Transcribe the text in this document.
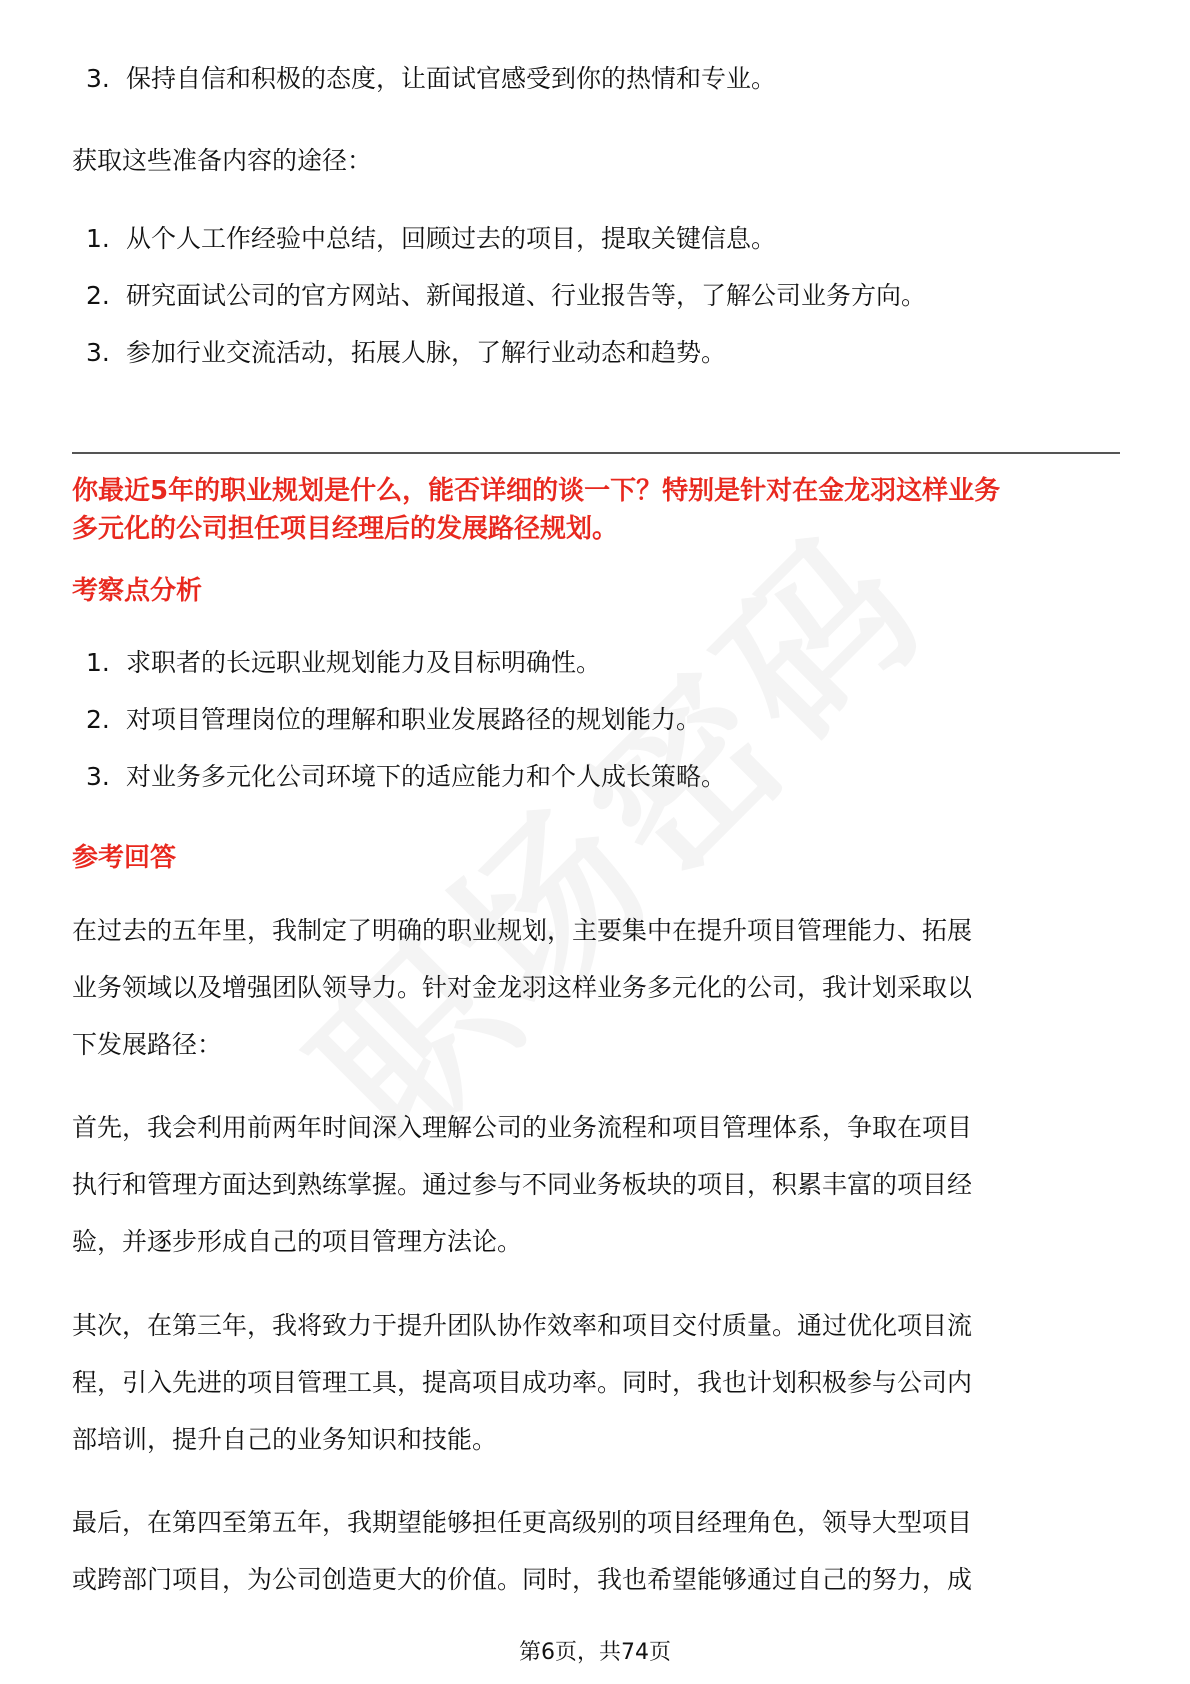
3. 保持自信和积极的态度，让面试官感受到你的热情和专业。
获取这些准备内容的途径：
1. 从个人工作经验中总结，回顾过去的项目，提取关键信息。
2. 研究面试公司的官方网站、新闻报道、行业报告等，了解公司业务方向。
3. 参加行业交流活动，拓展人脉，了解行业动态和趋势。
你最近5年的职业规划是什么，能否详细的谈一下？特别是针对在金龙羽这样业务
多元化的公司担任项目经理后的发展路径规划。
考察点分析
1. 求职者的长远职业规划能力及目标明确性。
2. 对项目管理岗位的理解和职业发展路径的规划能力。
3. 对业务多元化公司环境下的适应能力和个人成长策略。
参考回答
在过去的五年里，我制定了明确的职业规划，主要集中在提升项目管理能力、拓展
业务领域以及增强团队领导力。针对金龙羽这样业务多元化的公司，我计划采取以
下发展路径：
首先，我会利用前两年时间深入理解公司的业务流程和项目管理体系，争取在项目
执行和管理方面达到熟练掌握。通过参与不同业务板块的项目，积累丰富的项目经
验，并逐步形成自己的项目管理方法论。
其次，在第三年，我将致力于提升团队协作效率和项目交付质量。通过优化项目流
程，引入先进的项目管理工具，提高项目成功率。同时，我也计划积极参与公司内
部培训，提升自己的业务知识和技能。
最后，在第四至第五年，我期望能够担任更高级别的项目经理角色，领导大型项目
或跨部门项目，为公司创造更大的价值。同时，我也希望能够通过自己的努力，成
第6页，共74页
